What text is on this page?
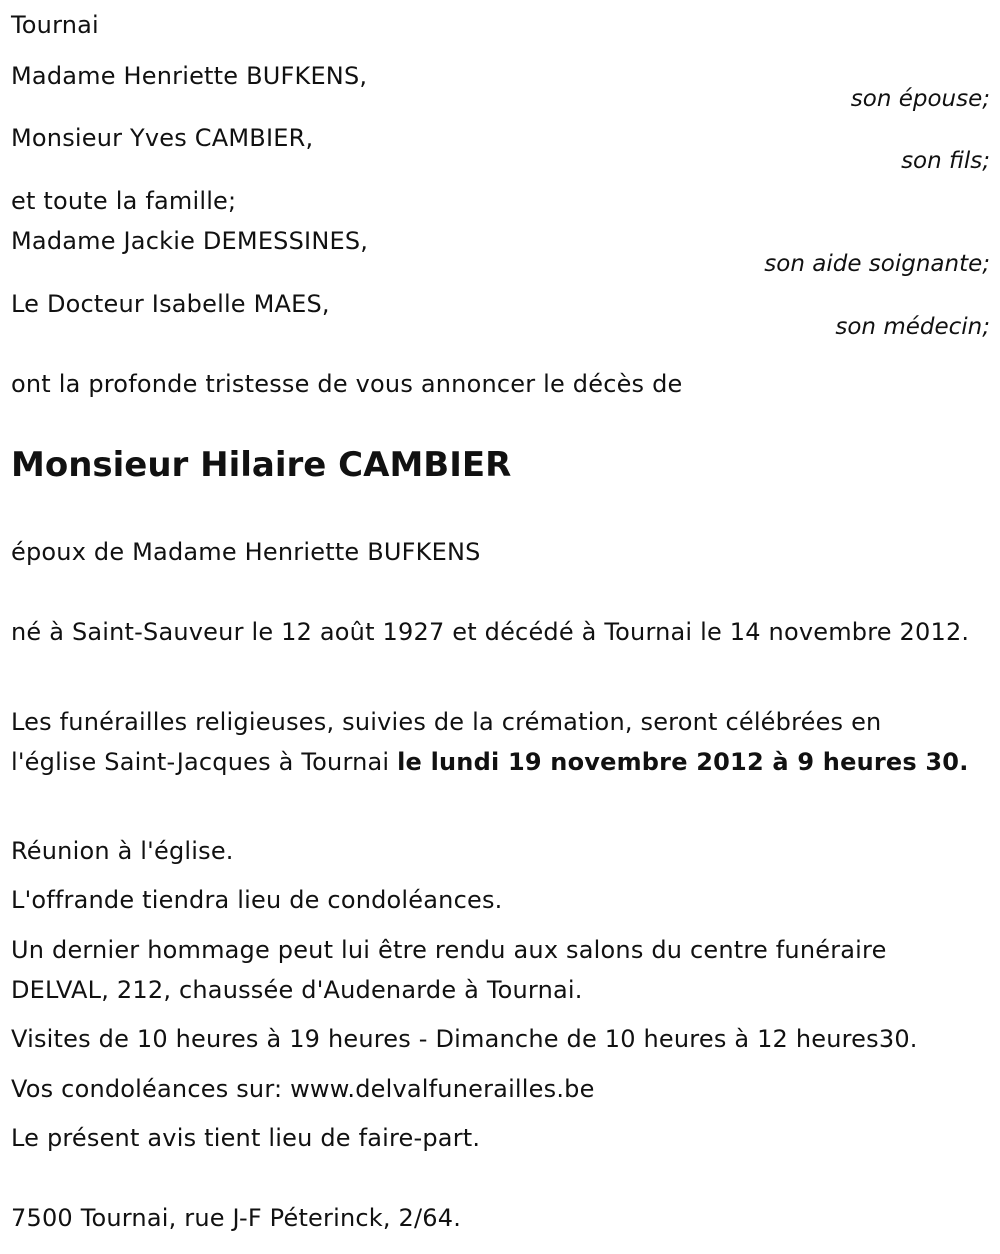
Tournai
Madame Henriette BUFKENS,
son épouse;
Monsieur Yves CAMBIER,
son fils;
et toute la famille;
Madame Jackie DEMESSINES,
son aide soignante;
Le Docteur Isabelle MAES,
son médecin;
ont la profonde tristesse de vous annoncer le décès de
Monsieur Hilaire CAMBIER
époux de Madame Henriette BUFKENS
né à Saint-Sauveur le 12 août 1927 et décédé à Tournai le 14 novembre 2012.
Les funérailles religieuses, suivies de la crémation, seront célébrées en l'église Saint-Jacques à Tournai le lundi 19 novembre 2012 à 9 heures 30.
Réunion à l'église.
L'offrande tiendra lieu de condoléances.
Un dernier hommage peut lui être rendu aux salons du centre funéraire DELVAL, 212, chaussée d'Audenarde à Tournai.
Visites de 10 heures à 19 heures - Dimanche de 10 heures à 12 heures30.
Vos condoléances sur: www.delvalfunerailles.be
Le présent avis tient lieu de faire-part.
7500 Tournai, rue J-F Péterinck, 2/64.
